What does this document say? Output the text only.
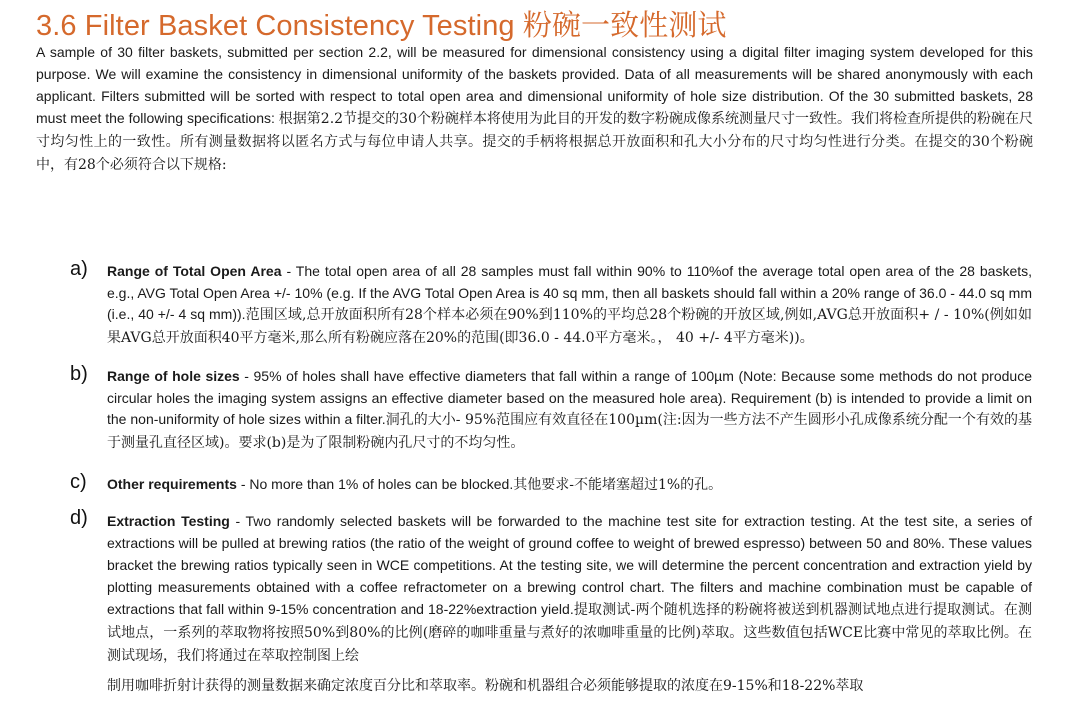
3.6 Filter Basket Consistency Testing 粉碗一致性测试

A sample of 30 filter baskets, submitted per section 2.2, will be measured for dimensional consistency using a digital filter imaging system developed for this purpose. We will examine the consistency in dimensional uniformity of the baskets provided. Data of all measurements will be shared anonymously with each applicant. Filters submitted will be sorted with respect to total open area and dimensional uniformity of hole size distribution. Of the 30 submitted baskets, 28 must meet the following specifications: 根据第2.2节提交的30个粉碗样本将使用为此目的开发的数字粉碗成像系统测量尺寸一致性。我们将检查所提供的粉碗在尺寸均匀性上的一致性。所有测量数据将以匿名方式与每位申请人共享。提交的手柄将根据总开放面积和孔大小分布的尺寸均匀性进行分类。在提交的30个粉碗中，有28个必须符合以下规格:

a) Range of Total Open Area - The total open area of all 28 samples must fall within 90% to 110%of the average total open area of the 28 baskets, e.g., AVG Total Open Area +/- 10% (e.g. If the AVG Total Open Area is 40 sq mm, then all baskets should fall within a 20% range of 36.0 - 44.0 sq mm (i.e., 40 +/- 4 sq mm)).范围区域,总开放面积所有28个样本必须在90%到110%的平均总28个粉碗的开放区域,例如,AVG总开放面积+ / - 10%(例如如果AVG总开放面积40平方毫米,那么所有粉碗应落在20%的范围(即36.0 - 44.0平方毫米。， 40 +/- 4平方毫米))。

b) Range of hole sizes - 95% of holes shall have effective diameters that fall within a range of 100µm (Note: Because some methods do not produce circular holes the imaging system assigns an effective diameter based on the measured hole area). Requirement (b) is intended to provide a limit on the non-uniformity of hole sizes within a filter.洞孔的大小- 95%范围应有效直径在100µm(注:因为一些方法不产生圆形小孔成像系统分配一个有效的基于测量孔直径区域)。要求(b)是为了限制粉碗内孔尺寸的不均匀性。

c) Other requirements - No more than 1% of holes can be blocked.其他要求-不能堵塞超过1%的孔。

d) Extraction Testing - Two randomly selected baskets will be forwarded to the machine test site for extraction testing. At the test site, a series of extractions will be pulled at brewing ratios (the ratio of the weight of ground coffee to weight of brewed espresso) between 50 and 80%. These values bracket the brewing ratios typically seen in WCE competitions. At the testing site, we will determine the percent concentration and extraction yield by plotting measurements obtained with a coffee refractometer on a brewing control chart. The filters and machine combination must be capable of extractions that fall within 9-15% concentration and 18-22%extraction yield.提取测试-两个随机选择的粉碗将被送到机器测试地点进行提取测试。在测试地点，一系列的萃取物将按照50%到80%的比例(磨碎的咖啡重量与煮好的浓咖啡重量的比例)萃取。这些数值包括WCE比赛中常见的萃取比例。在测试现场，我们将通过在萃取控制图上绘
制用咖啡折射计获得的测量数据来确定浓度百分比和萃取率。粉碗和机器组合必须能够提取的浓度在9-15%和18-22%萃取
